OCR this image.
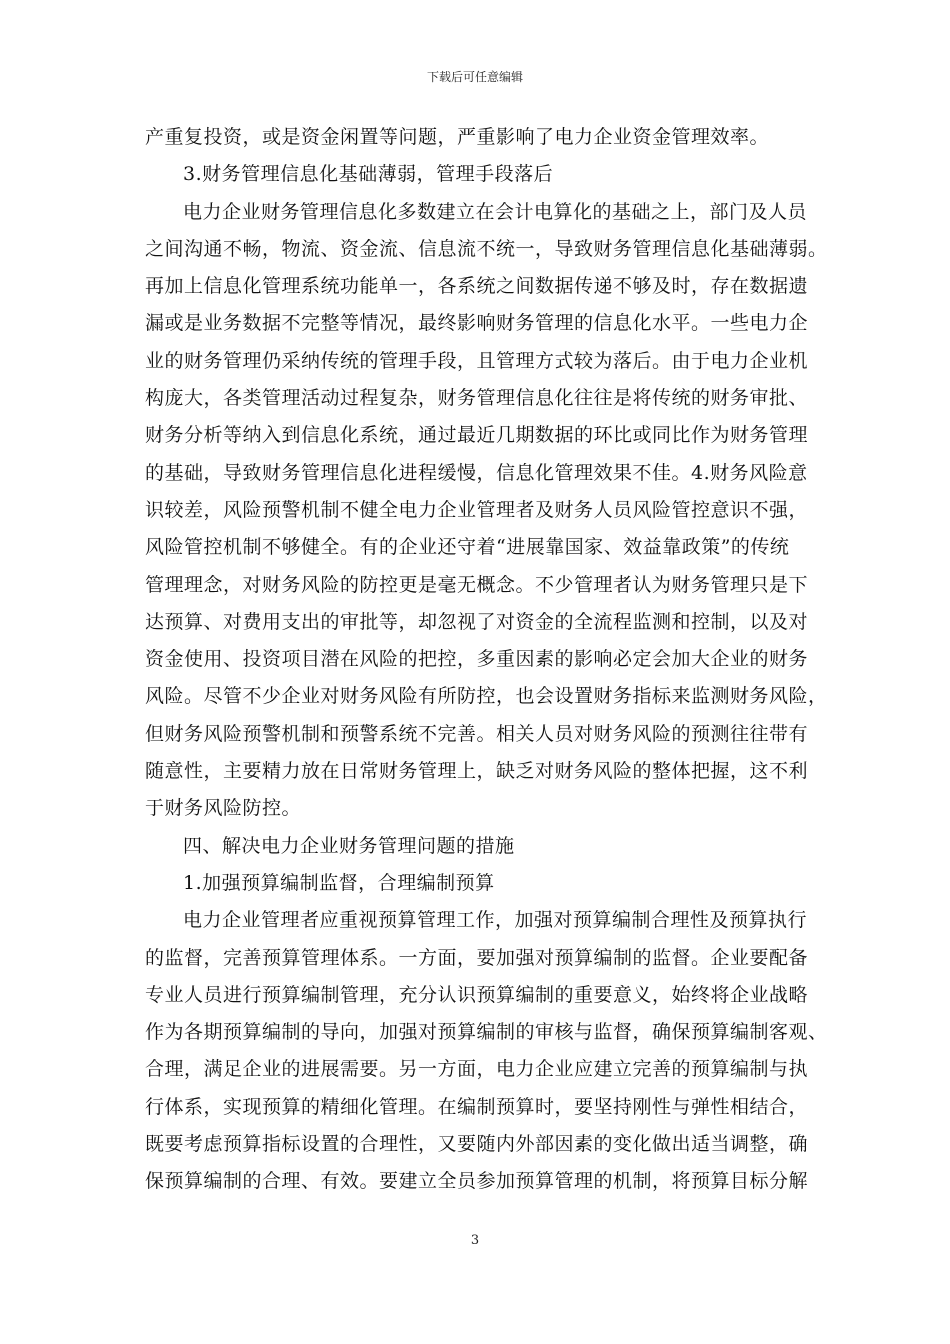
下载后可任意编辑
产重复投资，或是资金闲置等问题，严重影响了电力企业资金管理效率。
3.财务管理信息化基础薄弱，管理手段落后
电力企业财务管理信息化多数建立在会计电算化的基础之上，部门及人员
之间沟通不畅，物流、资金流、信息流不统一，导致财务管理信息化基础薄弱。
再加上信息化管理系统功能单一，各系统之间数据传递不够及时，存在数据遗
漏或是业务数据不完整等情况，最终影响财务管理的信息化水平。一些电力企
业的财务管理仍采纳传统的管理手段，且管理方式较为落后。由于电力企业机
构庞大，各类管理活动过程复杂，财务管理信息化往往是将传统的财务审批、
财务分析等纳入到信息化系统，通过最近几期数据的环比或同比作为财务管理
的基础，导致财务管理信息化进程缓慢，信息化管理效果不佳。4.财务风险意
识较差，风险预警机制不健全电力企业管理者及财务人员风险管控意识不强，
风险管控机制不够健全。有的企业还守着“进展靠国家、效益靠政策”的传统
管理理念，对财务风险的防控更是毫无概念。不少管理者认为财务管理只是下
达预算、对费用支出的审批等，却忽视了对资金的全流程监测和控制，以及对
资金使用、投资项目潜在风险的把控，多重因素的影响必定会加大企业的财务
风险。尽管不少企业对财务风险有所防控，也会设置财务指标来监测财务风险，
但财务风险预警机制和预警系统不完善。相关人员对财务风险的预测往往带有
随意性，主要精力放在日常财务管理上，缺乏对财务风险的整体把握，这不利
于财务风险防控。
四、解决电力企业财务管理问题的措施
1.加强预算编制监督，合理编制预算
电力企业管理者应重视预算管理工作，加强对预算编制合理性及预算执行
的监督，完善预算管理体系。一方面，要加强对预算编制的监督。企业要配备
专业人员进行预算编制管理，充分认识预算编制的重要意义，始终将企业战略
作为各期预算编制的导向，加强对预算编制的审核与监督，确保预算编制客观、
合理，满足企业的进展需要。另一方面，电力企业应建立完善的预算编制与执
行体系，实现预算的精细化管理。在编制预算时，要坚持刚性与弹性相结合，
既要考虑预算指标设置的合理性，又要随内外部因素的变化做出适当调整，确
保预算编制的合理、有效。要建立全员参加预算管理的机制，将预算目标分解
3
